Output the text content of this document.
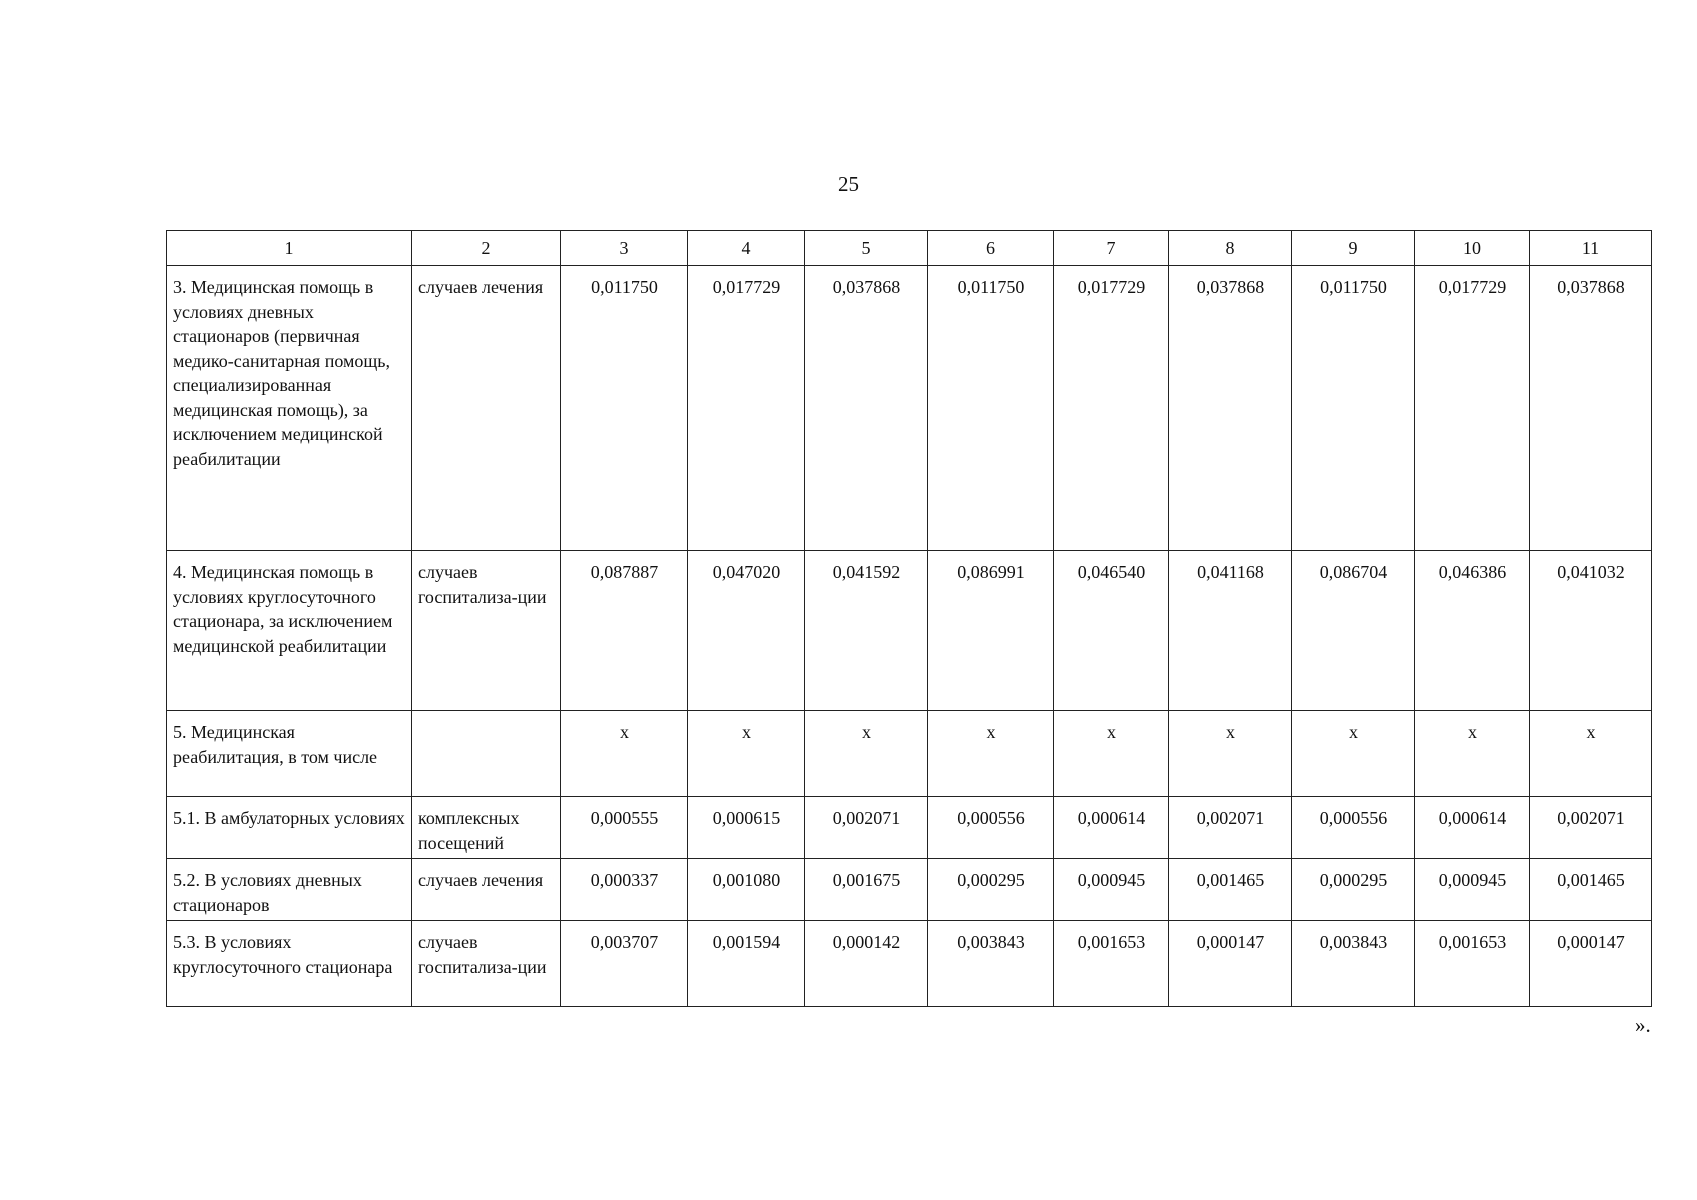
25
1	2	3	4	5	6	7	8	9	10	11
3. Медицинская помощь в условиях дневных стационаров (первичная медико-санитарная помощь, специализированная медицинская помощь), за исключением медицинской реабилитации	случаев лечения	0,011750	0,017729	0,037868	0,011750	0,017729	0,037868	0,011750	0,017729	0,037868
4. Медицинская помощь в условиях круглосуточного стационара, за исключением медицинской реабилитации	случаев госпитализа-ции	0,087887	0,047020	0,041592	0,086991	0,046540	0,041168	0,086704	0,046386	0,041032
5. Медицинская реабилитация, в том числе		х	х	х	х	х	х	х	х	х
5.1. В амбулаторных условиях	комплексных посещений	0,000555	0,000615	0,002071	0,000556	0,000614	0,002071	0,000556	0,000614	0,002071
5.2. В условиях дневных стационаров	случаев лечения	0,000337	0,001080	0,001675	0,000295	0,000945	0,001465	0,000295	0,000945	0,001465
5.3. В условиях круглосуточного стационара	случаев госпитализа-ции	0,003707	0,001594	0,000142	0,003843	0,001653	0,000147	0,003843	0,001653	0,000147
».
